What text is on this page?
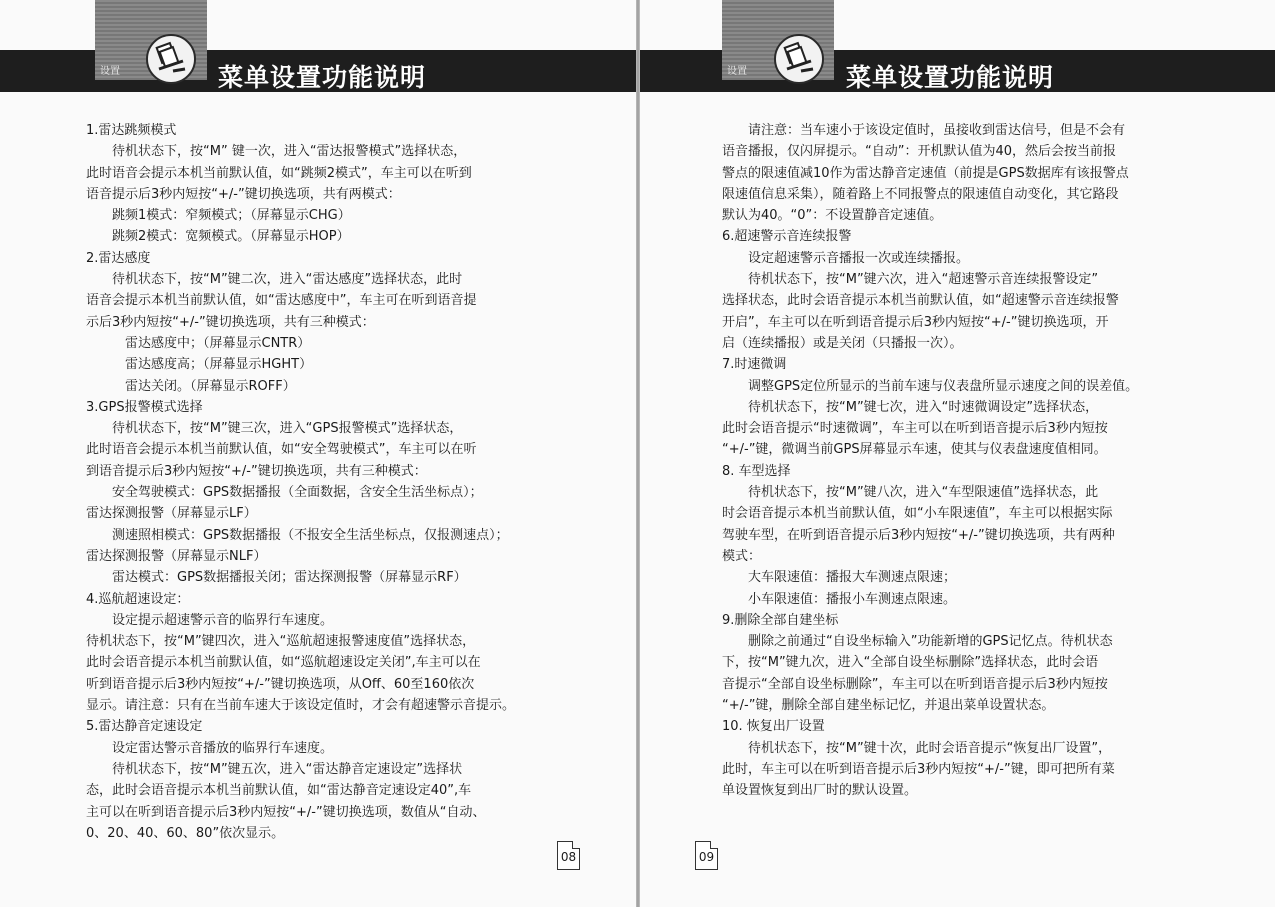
设置	菜单设置功能说明

1.雷达跳频模式

　　待机状态下，按“M” 键一次，进入“雷达报警模式”选择状态，

此时语音会提示本机当前默认值，如“跳频2模式”，车主可以在听到

语音提示后3秒内短按“+/-”键切换选项，共有两模式：

　　跳频1模式：窄频模式；（屏幕显示CHG）

　　跳频2模式：宽频模式。（屏幕显示HOP）

2.雷达感度

　　待机状态下，按“M”键二次，进入“雷达感度”选择状态，此时

语音会提示本机当前默认值，如“雷达感度中”，车主可在听到语音提

示后3秒内短按“+/-”键切换选项，共有三种模式：

　　　雷达感度中；（屏幕显示CNTR）

　　　雷达感度高；（屏幕显示HGHT）

　　　雷达关闭。（屏幕显示ROFF）

3.GPS报警模式选择

　　待机状态下，按“M”键三次，进入“GPS报警模式”选择状态，

此时语音会提示本机当前默认值，如“安全驾驶模式”，车主可以在听

到语音提示后3秒内短按“+/-”键切换选项，共有三种模式：

　　安全驾驶模式：GPS数据播报（全面数据，含安全生活坐标点）；

雷达探测报警（屏幕显示LF）

　　测速照相模式：GPS数据播报（不报安全生活坐标点，仅报测速点）；

雷达探测报警（屏幕显示NLF）

　　雷达模式：GPS数据播报关闭；雷达探测报警（屏幕显示RF）

4.巡航超速设定：

　　设定提示超速警示音的临界行车速度。

待机状态下，按“M”键四次，进入“巡航超速报警速度值”选择状态，

此时会语音提示本机当前默认值，如“巡航超速设定关闭”,车主可以在

听到语音提示后3秒内短按“+/-”键切换选项，从Off、60至160依次

显示。请注意：只有在当前车速大于该设定值时，才会有超速警示音提示。

5.雷达静音定速设定

　　设定雷达警示音播放的临界行车速度。

　　待机状态下，按“M”键五次，进入“雷达静音定速设定”选择状

态，此时会语音提示本机当前默认值，如“雷达静音定速设定40”,车

主可以在听到语音提示后3秒内短按“+/-”键切换选项，数值从“自动、

0、20、40、60、80”依次显示。

08
设置	菜单设置功能说明

　　请注意：当车速小于该设定值时，虽接收到雷达信号，但是不会有

语音播报，仅闪屏提示。“自动”：开机默认值为40，然后会按当前报

警点的限速值减10作为雷达静音定速值（前提是GPS数据库有该报警点

限速值信息采集），随着路上不同报警点的限速值自动变化，其它路段

默认为40。“0”：不设置静音定速值。

6.超速警示音连续报警

　　设定超速警示音播报一次或连续播报。

　　待机状态下，按“M”键六次，进入“超速警示音连续报警设定”

选择状态，此时会语音提示本机当前默认值，如“超速警示音连续报警

开启”，车主可以在听到语音提示后3秒内短按“+/-”键切换选项，开

启（连续播报）或是关闭（只播报一次）。

7.时速微调

　　调整GPS定位所显示的当前车速与仪表盘所显示速度之间的误差值。

　　待机状态下，按“M”键七次，进入“时速微调设定”选择状态，

此时会语音提示“时速微调”，车主可以在听到语音提示后3秒内短按

“+/-”键，微调当前GPS屏幕显示车速，使其与仪表盘速度值相同。

8. 车型选择

　　待机状态下，按“M”键八次，进入“车型限速值”选择状态，此

时会语音提示本机当前默认值，如“小车限速值”，车主可以根据实际

驾驶车型，在听到语音提示后3秒内短按“+/-”键切换选项，共有两种

模式：

　　大车限速值：播报大车测速点限速；

　　小车限速值：播报小车测速点限速。

9.删除全部自建坐标

　　删除之前通过“自设坐标输入”功能新增的GPS记忆点。待机状态

下，按“M”键九次，进入“全部自设坐标删除”选择状态，此时会语

音提示“全部自设坐标删除”，车主可以在听到语音提示后3秒内短按

“+/-”键，删除全部自建坐标记忆，并退出菜单设置状态。

10. 恢复出厂设置

　　待机状态下，按“M”键十次，此时会语音提示“恢复出厂设置”，

此时，车主可以在听到语音提示后3秒内短按“+/-”键，即可把所有菜

单设置恢复到出厂时的默认设置。

09
